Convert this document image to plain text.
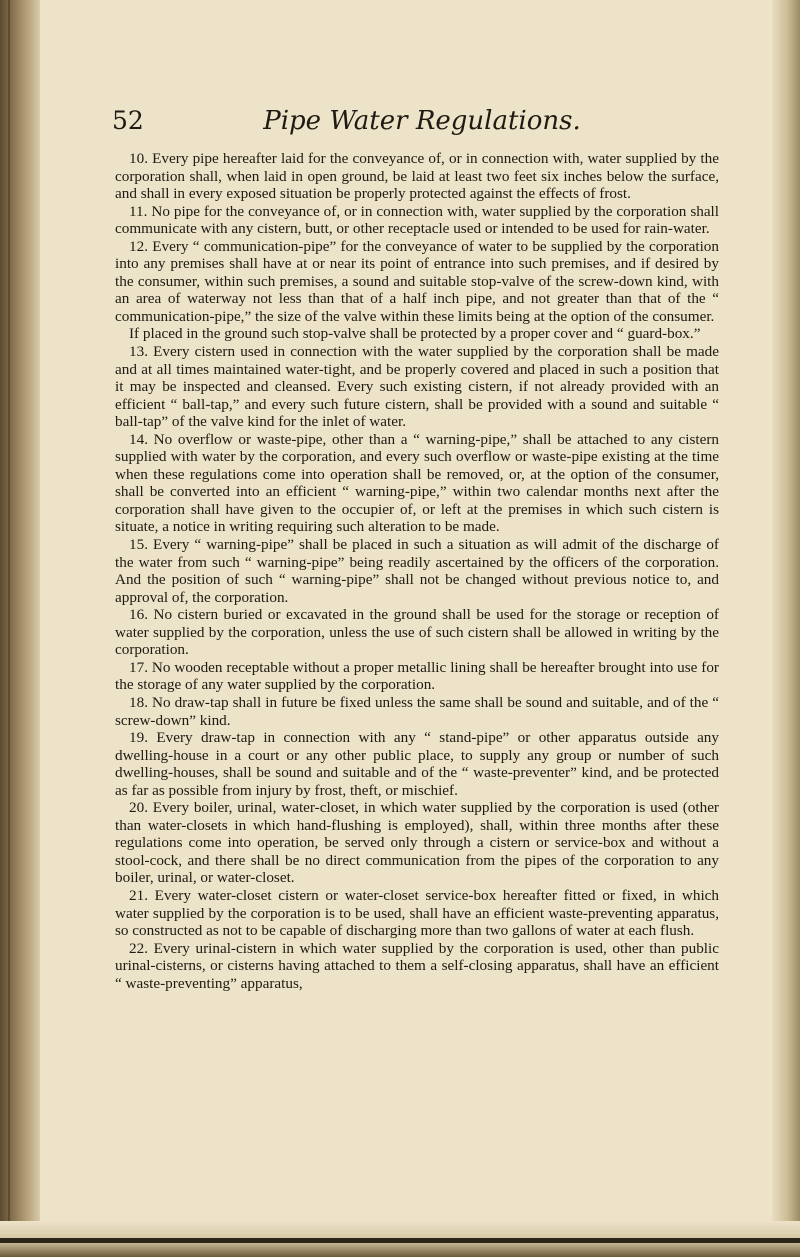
52	Pipe Water Regulations.

10. Every pipe hereafter laid for the conveyance of, or in connection with, water supplied by the corporation shall, when laid in open ground, be laid at least two feet six inches below the surface, and shall in every exposed situation be properly protected against the effects of frost.

11. No pipe for the conveyance of, or in connection with, water supplied by the corporation shall communicate with any cistern, butt, or other receptacle used or intended to be used for rain-water.

12. Every “ communication-pipe” for the conveyance of water to be supplied by the corporation into any premises shall have at or near its point of entrance into such premises, and if desired by the consumer, within such premises, a sound and suitable stop-valve of the screw-down kind, with an area of waterway not less than that of a half inch pipe, and not greater than that of the “ communication-pipe,” the size of the valve within these limits being at the option of the consumer.

If placed in the ground such stop-valve shall be protected by a proper cover and “ guard-box.”

13. Every cistern used in connection with the water supplied by the corporation shall be made and at all times maintained water-tight, and be properly covered and placed in such a position that it may be inspected and cleansed. Every such existing cistern, if not already provided with an efficient “ ball-tap,” and every such future cistern, shall be provided with a sound and suitable “ ball-tap” of the valve kind for the inlet of water.

14. No overflow or waste-pipe, other than a “ warning-pipe,” shall be attached to any cistern supplied with water by the corporation, and every such overflow or waste-pipe existing at the time when these regulations come into operation shall be removed, or, at the option of the consumer, shall be converted into an efficient “ warning-pipe,” within two calendar months next after the corporation shall have given to the occupier of, or left at the premises in which such cistern is situate, a notice in writing requiring such alteration to be made.

15. Every “ warning-pipe” shall be placed in such a situation as will admit of the discharge of the water from such “ warning-pipe” being readily ascertained by the officers of the corporation. And the position of such “ warning-pipe” shall not be changed without previous notice to, and approval of, the corporation.

16. No cistern buried or excavated in the ground shall be used for the storage or reception of water supplied by the corporation, unless the use of such cistern shall be allowed in writing by the corporation.

17. No wooden receptable without a proper metallic lining shall be hereafter brought into use for the storage of any water supplied by the corporation.

18. No draw-tap shall in future be fixed unless the same shall be sound and suitable, and of the “ screw-down” kind.

19. Every draw-tap in connection with any “ stand-pipe” or other apparatus outside any dwelling-house in a court or any other public place, to supply any group or number of such dwelling-houses, shall be sound and suitable and of the “ waste-preventer” kind, and be protected as far as possible from injury by frost, theft, or mischief.

20. Every boiler, urinal, water-closet, in which water supplied by the corporation is used (other than water-closets in which hand-flushing is employed), shall, within three months after these regulations come into operation, be served only through a cistern or service-box and without a stool-cock, and there shall be no direct communication from the pipes of the corporation to any boiler, urinal, or water-closet.

21. Every water-closet cistern or water-closet service-box hereafter fitted or fixed, in which water supplied by the corporation is to be used, shall have an efficient waste-preventing apparatus, so constructed as not to be capable of discharging more than two gallons of water at each flush.

22. Every urinal-cistern in which water supplied by the corporation is used, other than public urinal-cisterns, or cisterns having attached to them a self-closing apparatus, shall have an efficient “ waste-preventing” apparatus,
